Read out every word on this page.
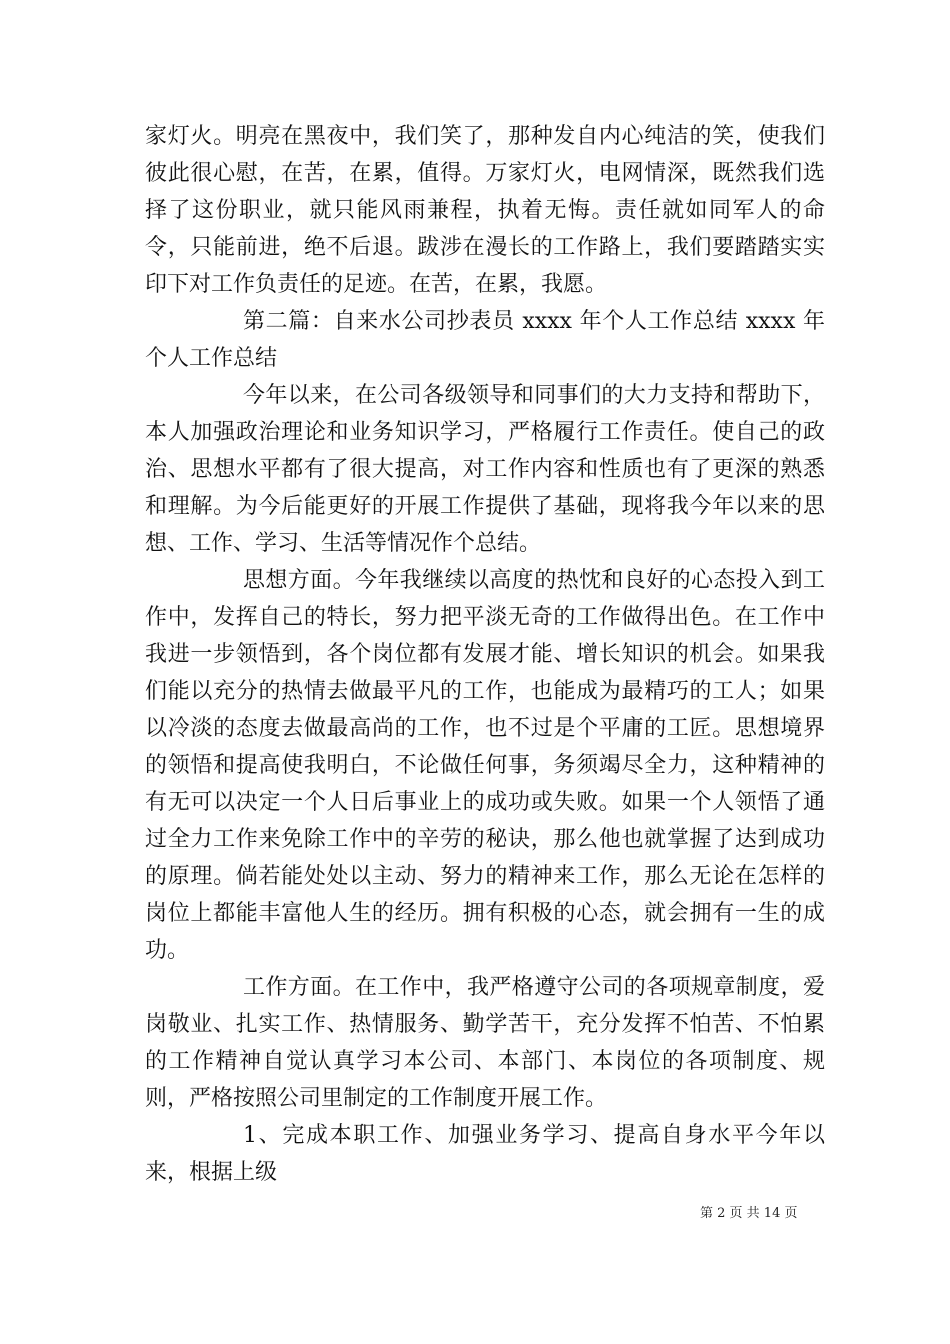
家灯火。明亮在黑夜中，我们笑了，那种发自内心纯洁的笑，使我们彼此很心慰，在苦，在累，值得。万家灯火，电网情深，既然我们选择了这份职业，就只能风雨兼程，执着无悔。责任就如同军人的命令，只能前进，绝不后退。跋涉在漫长的工作路上，我们要踏踏实实印下对工作负责任的足迹。在苦，在累，我愿。

第二篇：自来水公司抄表员 xxxx 年个人工作总结 xxxx 年个人工作总结

今年以来，在公司各级领导和同事们的大力支持和帮助下，本人加强政治理论和业务知识学习，严格履行工作责任。使自己的政治、思想水平都有了很大提高，对工作内容和性质也有了更深的熟悉和理解。为今后能更好的开展工作提供了基础，现将我今年以来的思想、工作、学习、生活等情况作个总结。

思想方面。今年我继续以高度的热忱和良好的心态投入到工作中，发挥自己的特长，努力把平淡无奇的工作做得出色。在工作中我进一步领悟到，各个岗位都有发展才能、增长知识的机会。如果我们能以充分的热情去做最平凡的工作，也能成为最精巧的工人；如果以冷淡的态度去做最高尚的工作，也不过是个平庸的工匠。思想境界的领悟和提高使我明白，不论做任何事，务须竭尽全力，这种精神的有无可以决定一个人日后事业上的成功或失败。如果一个人领悟了通过全力工作来免除工作中的辛劳的秘诀，那么他也就掌握了达到成功的原理。倘若能处处以主动、努力的精神来工作，那么无论在怎样的岗位上都能丰富他人生的经历。拥有积极的心态，就会拥有一生的成功。

工作方面。在工作中，我严格遵守公司的各项规章制度，爱岗敬业、扎实工作、热情服务、勤学苦干，充分发挥不怕苦、不怕累的工作精神自觉认真学习本公司、本部门、本岗位的各项制度、规则，严格按照公司里制定的工作制度开展工作。

1、完成本职工作、加强业务学习、提高自身水平今年以来，根据上级

第 2 页 共 14 页
